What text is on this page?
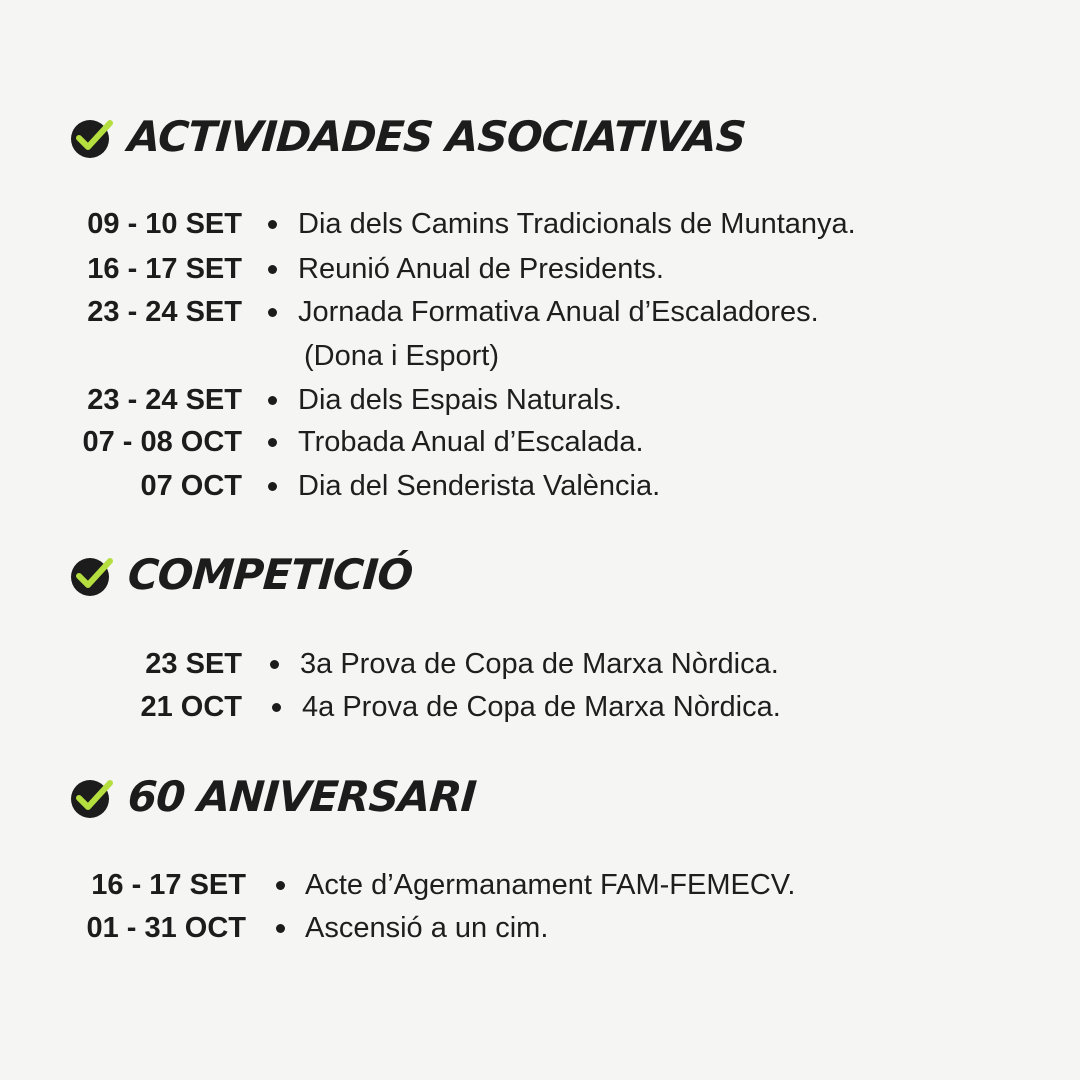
ACTIVIDADES ASOCIATIVAS
09 - 10 SET Dia dels Camins Tradicionals de Muntanya.
16 - 17 SET Reunió Anual de Presidents.
23 - 24 SET Jornada Formativa Anual d’Escaladores.
(Dona i Esport)
23 - 24 SET Dia dels Espais Naturals.
07 - 08 OCT Trobada Anual d’Escalada.
07 OCT Dia del Senderista València.
COMPETICIÓ
23 SET 3a Prova de Copa de Marxa Nòrdica.
21 OCT 4a Prova de Copa de Marxa Nòrdica.
60 ANIVERSARI
16 - 17 SET Acte d’Agermanament FAM-FEMECV.
01 - 31 OCT Ascensió a un cim.
